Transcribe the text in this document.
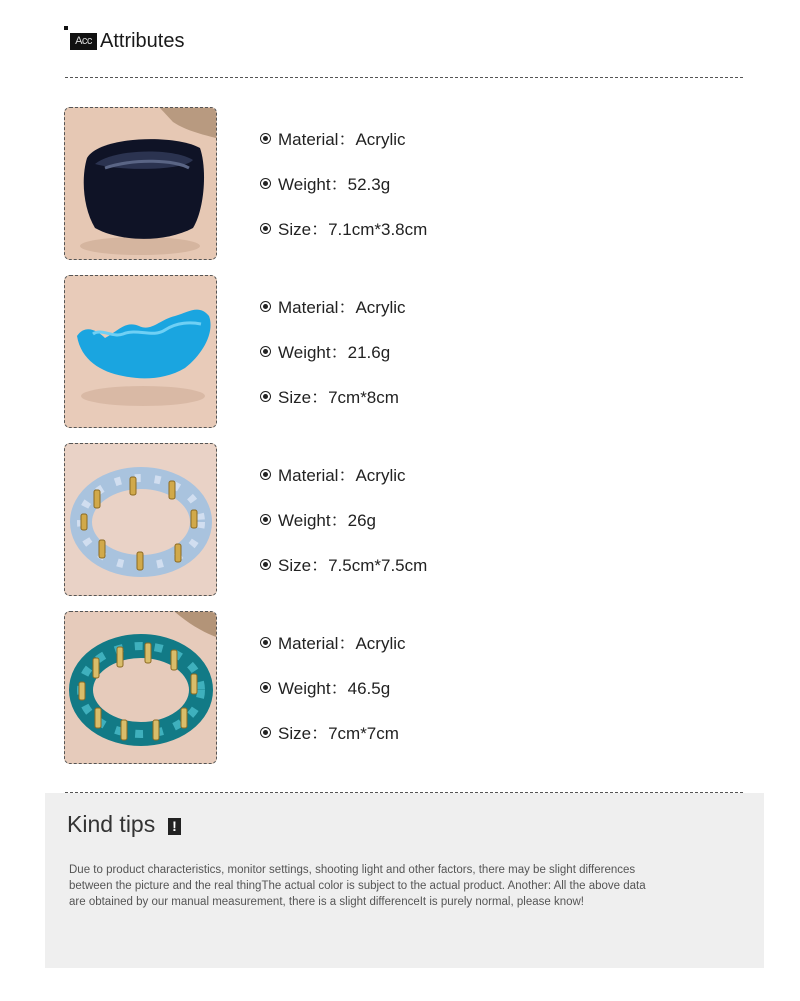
Acc Attributes
Material：Acrylic
Weight：52.3g
Size：7.1cm*3.8cm
Material：Acrylic
Weight：21.6g
Size：7cm*8cm
Material：Acrylic
Weight：26g
Size：7.5cm*7.5cm
Material：Acrylic
Weight：46.5g
Size：7cm*7cm
Kind tips !
Due to product characteristics, monitor settings, shooting light and other factors, there may be slight differences between the picture and the real thingThe actual color is subject to the actual product. Another: All the above data are obtained by our manual measurement, there is a slight differenceIt is purely normal, please know!
